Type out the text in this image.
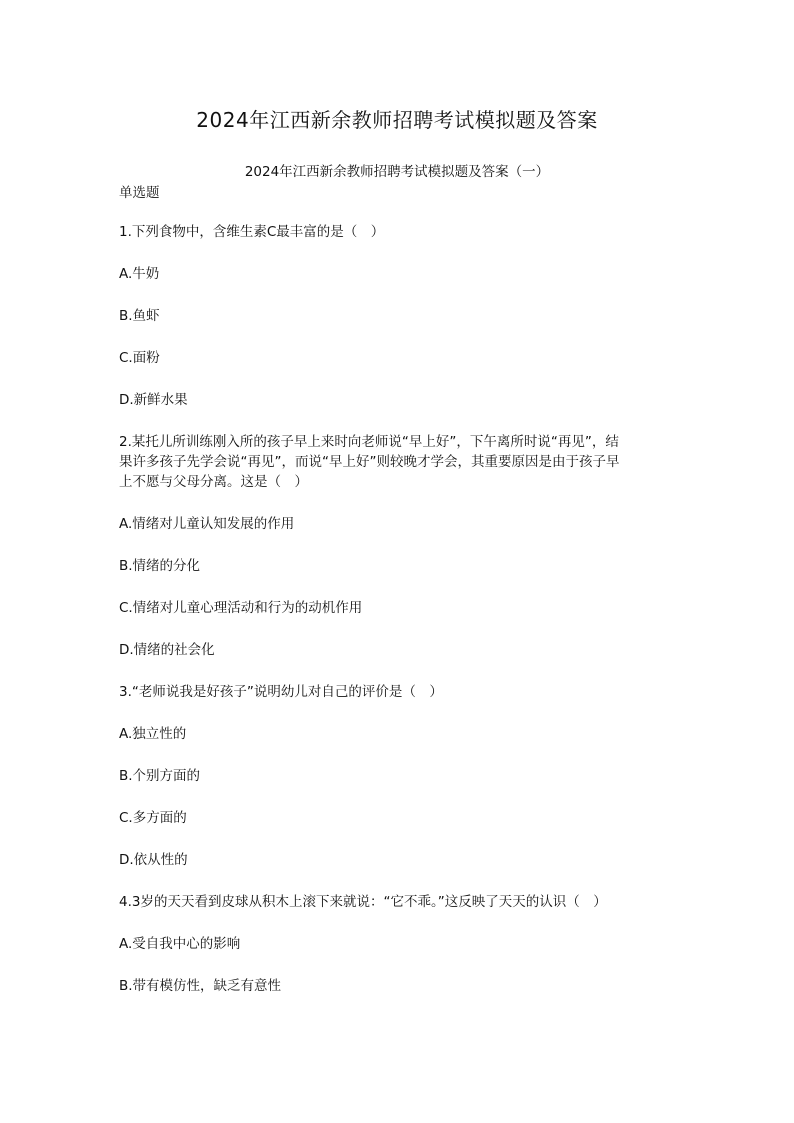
2024年江西新余教师招聘考试模拟题及答案
2024年江西新余教师招聘考试模拟题及答案（一）
单选题

1.下列食物中，含维生素C最丰富的是（　）

A.牛奶

B.鱼虾

C.面粉

D.新鲜水果

2.某托儿所训练刚入所的孩子早上来时向老师说“早上好”，下午离所时说“再见”，结

果许多孩子先学会说“再见”，而说“早上好”则较晚才学会，其重要原因是由于孩子早

上不愿与父母分离。这是（　）

A.情绪对儿童认知发展的作用

B.情绪的分化

C.情绪对儿童心理活动和行为的动机作用

D.情绪的社会化

3.“老师说我是好孩子”说明幼儿对自己的评价是（　）

A.独立性的

B.个别方面的

C.多方面的

D.依从性的

4.3岁的天天看到皮球从积木上滚下来就说：“它不乖。”这反映了天天的认识（　）

A.受自我中心的影响

B.带有模仿性，缺乏有意性
